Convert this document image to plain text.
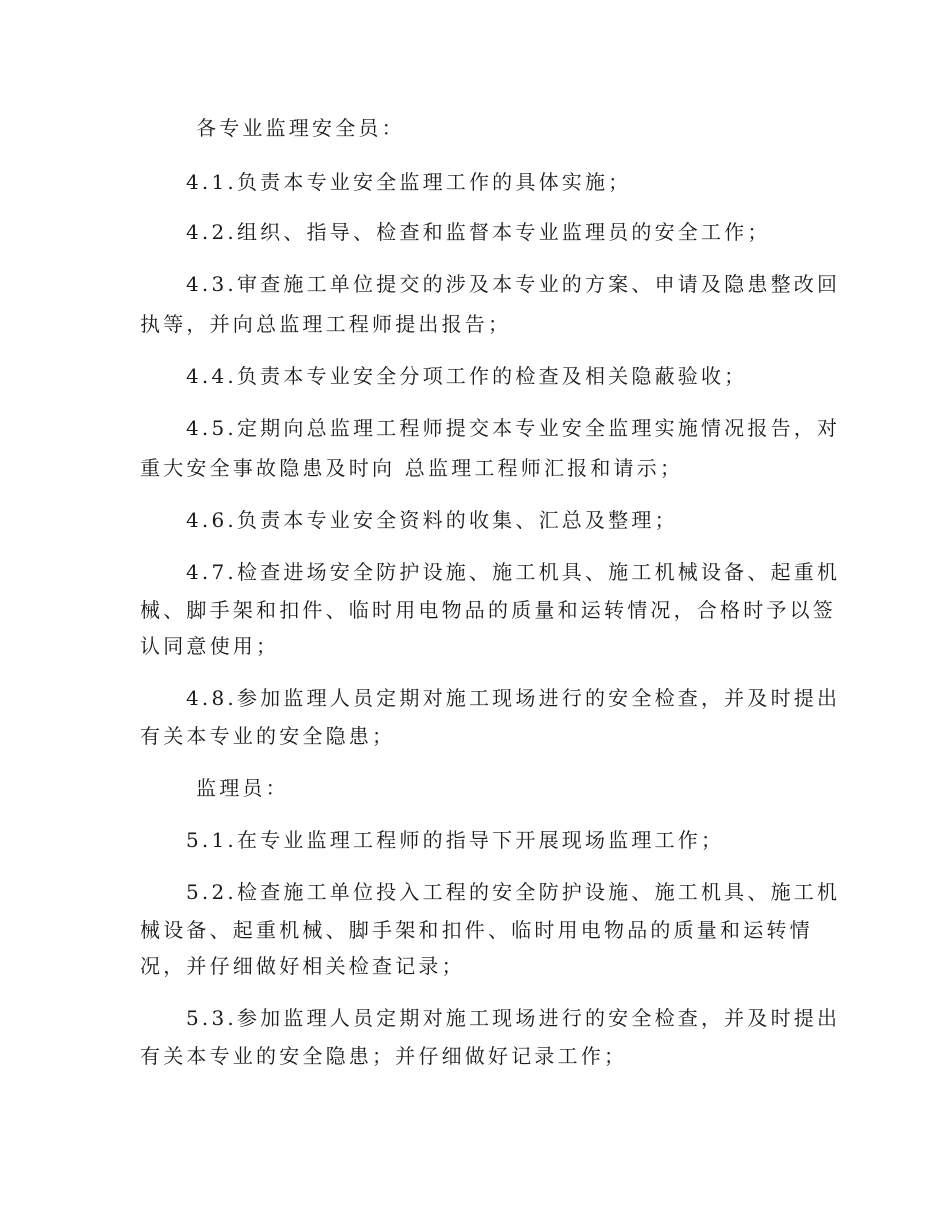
各专业监理安全员：
4.1.负责本专业安全监理工作的具体实施；
4.2.组织、指导、检查和监督本专业监理员的安全工作；
4.3.审查施工单位提交的涉及本专业的方案、申请及隐患整改回
执等，并向总监理工程师提出报告；
4.4.负责本专业安全分项工作的检查及相关隐蔽验收；
4.5.定期向总监理工程师提交本专业安全监理实施情况报告，对
重大安全事故隐患及时向 总监理工程师汇报和请示；
4.6.负责本专业安全资料的收集、汇总及整理；
4.7.检查进场安全防护设施、施工机具、施工机械设备、起重机
械、脚手架和扣件、临时用电物品的质量和运转情况，合格时予以签
认同意使用；
4.8.参加监理人员定期对施工现场进行的安全检查，并及时提出
有关本专业的安全隐患；
监理员：
5.1.在专业监理工程师的指导下开展现场监理工作；
5.2.检查施工单位投入工程的安全防护设施、施工机具、施工机
械设备、起重机械、脚手架和扣件、临时用电物品的质量和运转情
况，并仔细做好相关检查记录；
5.3.参加监理人员定期对施工现场进行的安全检查，并及时提出
有关本专业的安全隐患；并仔细做好记录工作；
